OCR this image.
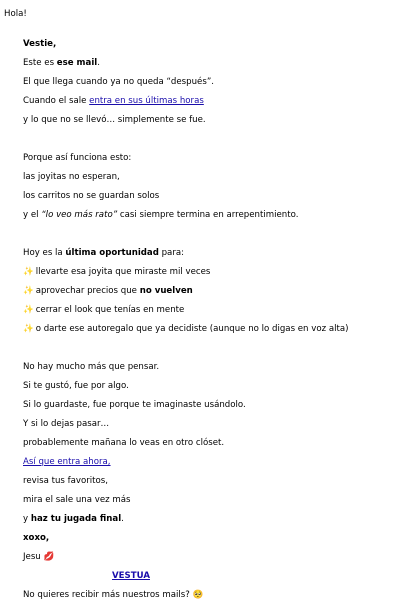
Hola!

Vestie,

Este es ese mail.

El que llega cuando ya no queda “después”.

Cuando el sale entra en sus últimas horas

y lo que no se llevó… simplemente se fue.

Porque así funciona esto:

las joyitas no esperan,

los carritos no se guardan solos

y el “lo veo más rato” casi siempre termina en arrepentimiento.

Hoy es la última oportunidad para:

✨ llevarte esa joyita que miraste mil veces

✨ aprovechar precios que no vuelven

✨ cerrar el look que tenías en mente

✨ o darte ese autoregalo que ya decidiste (aunque no lo digas en voz alta)

No hay mucho más que pensar.

Si te gustó, fue por algo.

Si lo guardaste, fue porque te imaginaste usándolo.

Y si lo dejas pasar…

probablemente mañana lo veas en otro clóset.

Así que entra ahora,

revisa tus favoritos,

mira el sale una vez más

y haz tu jugada final.

xoxo,

Jesu 💋

VESTUA

No quieres recibir más nuestros mails? 🥺
